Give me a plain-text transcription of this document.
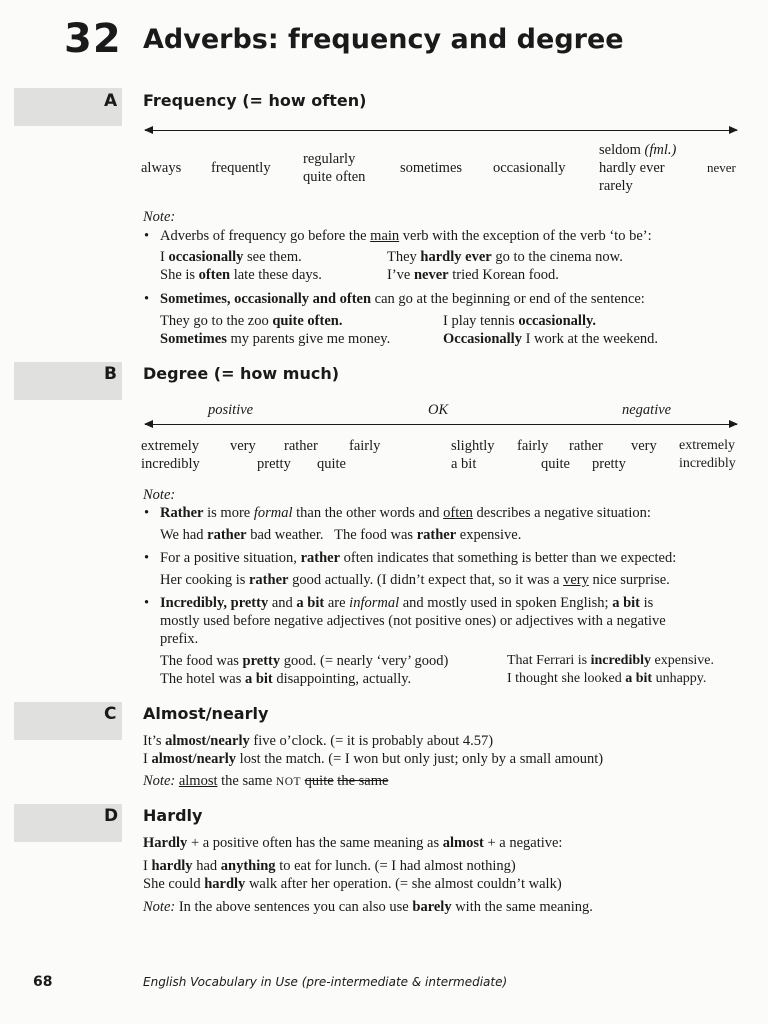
32 Adverbs: frequency and degree
A Frequency (= how often)
always frequently
regularly
quite often
sometimes occasionally
seldom (fml.)
hardly ever
rarely
never
Note:
• Adverbs of frequency go before the main verb with the exception of the verb ‘to be’:
I occasionally see them.
She is often late these days.
They hardly ever go to the cinema now.
I’ve never tried Korean food.
• Sometimes, occasionally and often can go at the beginning or end of the sentence:
They go to the zoo quite often.
Sometimes my parents give me money.
I play tennis occasionally.
Occasionally I work at the weekend.
B Degree (= how much)
positive	OK	negative
extremely very rather fairly
incredibly	pretty quite
slightly fairly rather very extremely
a bit	quite pretty	incredibly
Note:
• Rather is more formal than the other words and often describes a negative situation:
We had rather bad weather. The food was rather expensive.
• For a positive situation, rather often indicates that something is better than we expected:
Her cooking is rather good actually. (I didn’t expect that, so it was a very nice surprise.
• Incredibly, pretty and a bit are informal and mostly used in spoken English; a bit is
mostly used before negative adjectives (not positive ones) or adjectives with a negative
prefix.
The food was pretty good. (= nearly ‘very’ good)
The hotel was a bit disappointing, actually.
That Ferrari is incredibly expensive.
I thought she looked a bit unhappy.
C Almost/nearly
It’s almost/nearly five o’clock. (= it is probably about 4.57)
I almost/nearly lost the match. (= I won but only just; only by a small amount)
Note: almost the same NOT quite the same
D Hardly
Hardly + a positive often has the same meaning as almost + a negative:
I hardly had anything to eat for lunch. (= I had almost nothing)
She could hardly walk after her operation. (= she almost couldn’t walk)
Note: In the above sentences you can also use barely with the same meaning.
68	English Vocabulary in Use (pre-intermediate & intermediate)
